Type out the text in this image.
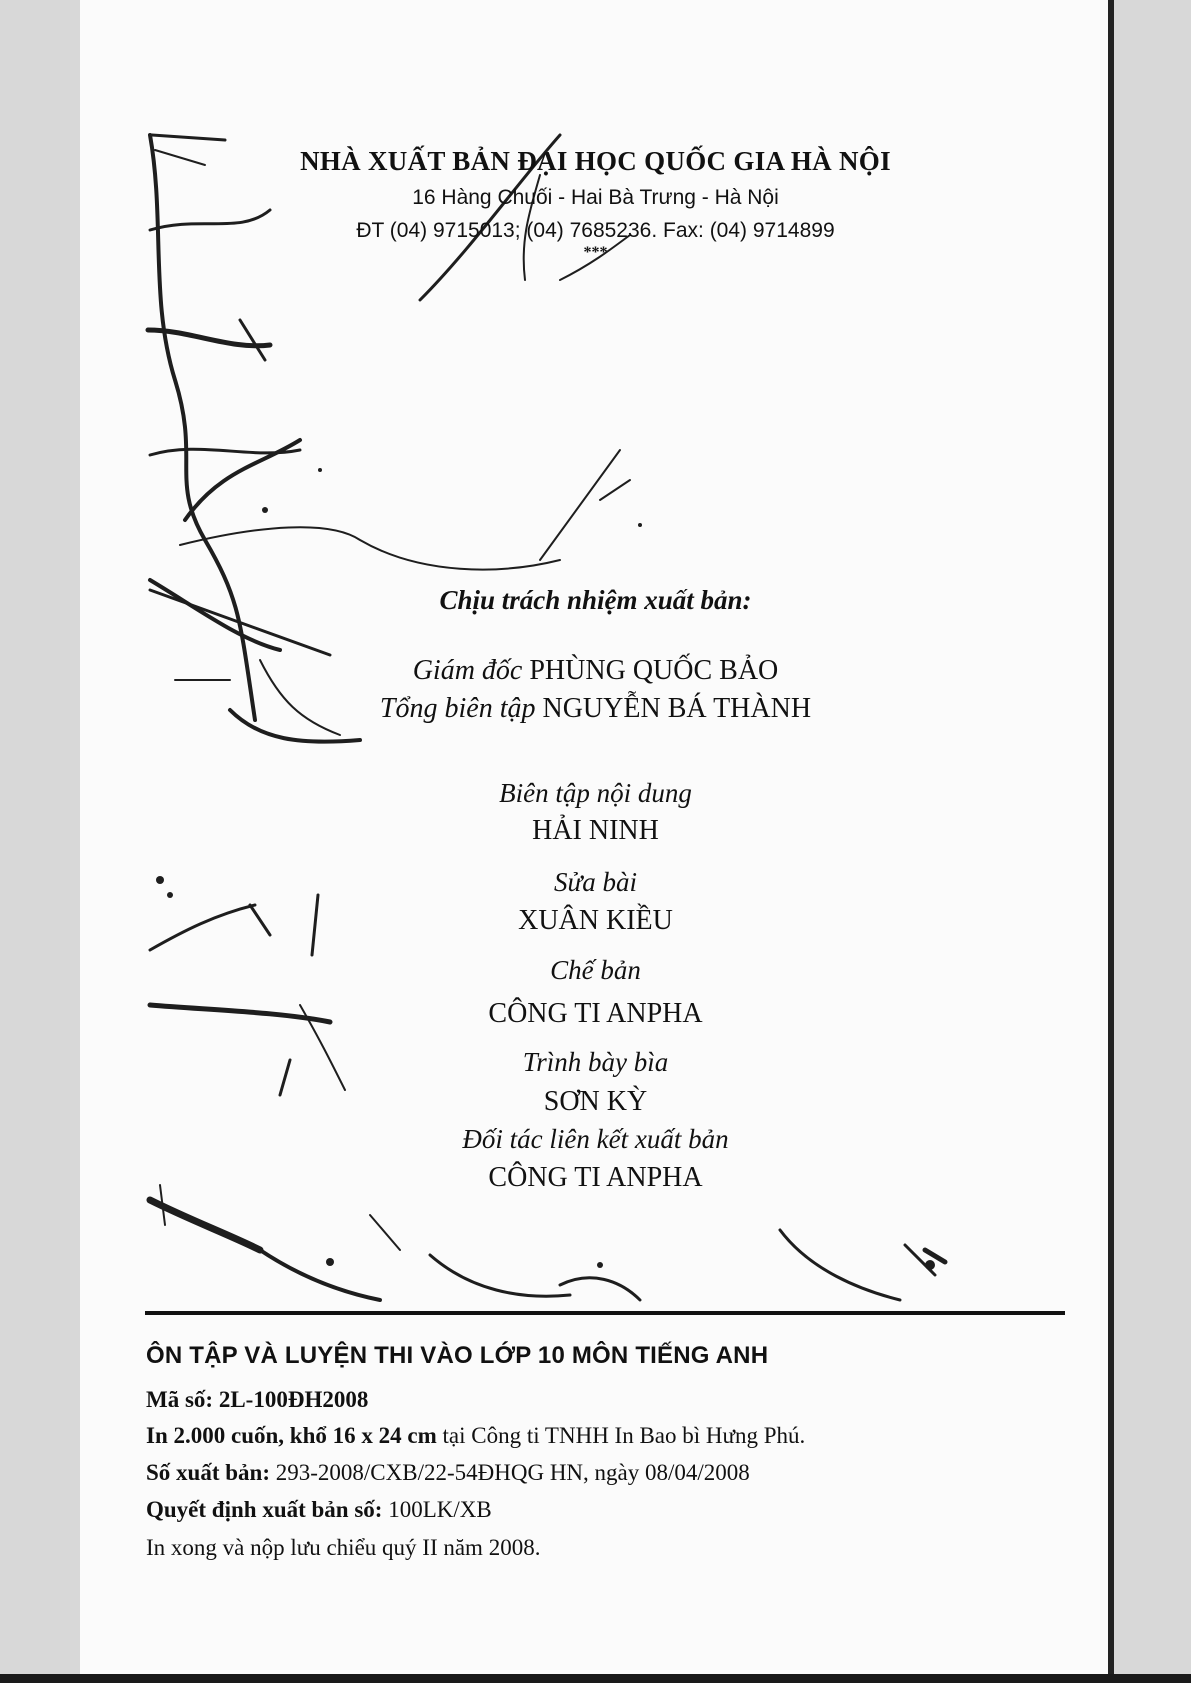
NHÀ XUẤT BẢN ĐẠI HỌC QUỐC GIA HÀ NỘI
16 Hàng Chuối - Hai Bà Trưng - Hà Nội
ĐT (04) 9715013; (04) 7685236. Fax: (04) 9714899
***
Chịu trách nhiệm xuất bản:
Giám đốc PHÙNG QUỐC BẢO
Tổng biên tập NGUYỄN BÁ THÀNH
Biên tập nội dung
HẢI NINH
Sửa bài
XUÂN KIỀU
Chế bản
CÔNG TI ANPHA
Trình bày bìa
SƠN KỲ
Đối tác liên kết xuất bản
CÔNG TI ANPHA
ÔN TẬP VÀ LUYỆN THI VÀO LỚP 10 MÔN TIẾNG ANH
Mã số: 2L-100ĐH2008
In 2.000 cuốn, khổ 16 x 24 cm tại Công ti TNHH In Bao bì Hưng Phú.
Số xuất bản: 293-2008/CXB/22-54ĐHQG HN, ngày 08/04/2008
Quyết định xuất bản số: 100LK/XB
In xong và nộp lưu chiểu quý II năm 2008.
